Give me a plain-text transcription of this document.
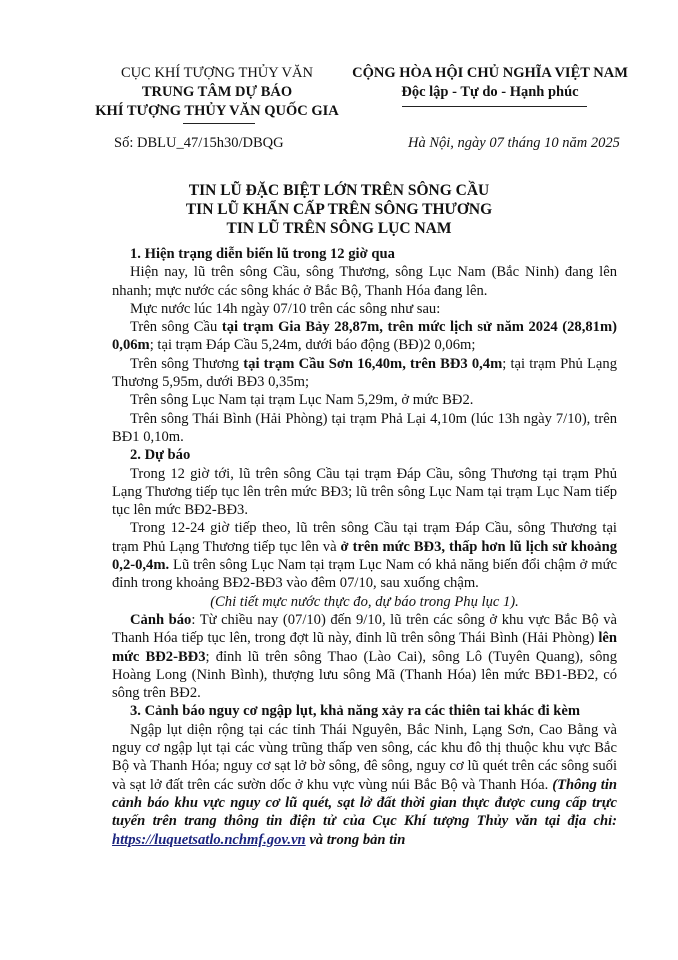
CỤC KHÍ TƯỢNG THỦY VĂN
TRUNG TÂM DỰ BÁO
KHÍ TƯỢNG THỦY VĂN QUỐC GIA
CỘNG HÒA HỘI CHỦ NGHĨA VIỆT NAM
Độc lập - Tự do - Hạnh phúc
Số: DBLU_47/15h30/DBQG	Hà Nội, ngày 07 tháng 10 năm 2025
TIN LŨ ĐẶC BIỆT LỚN TRÊN SÔNG CẦU
TIN LŨ KHẨN CẤP TRÊN SÔNG THƯƠNG
TIN LŨ TRÊN SÔNG LỤC NAM

1. Hiện trạng diễn biến lũ trong 12 giờ qua

Hiện nay, lũ trên sông Cầu, sông Thương, sông Lục Nam (Bắc Ninh) đang lên nhanh; mực nước các sông khác ở Bắc Bộ, Thanh Hóa đang lên.

Mực nước lúc 14h ngày 07/10 trên các sông như sau:

Trên sông Cầu tại trạm Gia Bảy 28,87m, trên mức lịch sử năm 2024 (28,81m) 0,06m; tại trạm Đáp Cầu 5,24m, dưới báo động (BĐ)2 0,06m;

Trên sông Thương tại trạm Cầu Sơn 16,40m, trên BĐ3 0,4m; tại trạm Phủ Lạng Thương 5,95m, dưới BĐ3 0,35m;

Trên sông Lục Nam tại trạm Lục Nam 5,29m, ở mức BĐ2.

Trên sông Thái Bình (Hải Phòng) tại trạm Phả Lại 4,10m (lúc 13h ngày 7/10), trên BĐ1 0,10m.

2. Dự báo

Trong 12 giờ tới, lũ trên sông Cầu tại trạm Đáp Cầu, sông Thương tại trạm Phủ Lạng Thương tiếp tục lên trên mức BĐ3; lũ trên sông Lục Nam tại trạm Lục Nam tiếp tục lên mức BĐ2-BĐ3.

Trong 12-24 giờ tiếp theo, lũ trên sông Cầu tại trạm Đáp Cầu, sông Thương tại trạm Phủ Lạng Thương tiếp tục lên và ở trên mức BĐ3, thấp hơn lũ lịch sử khoảng 0,2-0,4m. Lũ trên sông Lục Nam tại trạm Lục Nam có khả năng biến đổi chậm ở mức đỉnh trong khoảng BĐ2-BĐ3 vào đêm 07/10, sau xuống chậm.

(Chi tiết mực nước thực đo, dự báo trong Phụ lục 1).

Cảnh báo: Từ chiều nay (07/10) đến 9/10, lũ trên các sông ở khu vực Bắc Bộ và Thanh Hóa tiếp tục lên, trong đợt lũ này, đỉnh lũ trên sông Thái Bình (Hải Phòng) lên mức BĐ2-BĐ3; đỉnh lũ trên sông Thao (Lào Cai), sông Lô (Tuyên Quang), sông Hoàng Long (Ninh Bình), thượng lưu sông Mã (Thanh Hóa) lên mức BĐ1-BĐ2, có sông trên BĐ2.

3. Cảnh báo nguy cơ ngập lụt, khả năng xảy ra các thiên tai khác đi kèm

Ngập lụt diện rộng tại các tỉnh Thái Nguyên, Bắc Ninh, Lạng Sơn, Cao Bằng và nguy cơ ngập lụt tại các vùng trũng thấp ven sông, các khu đô thị thuộc khu vực Bắc Bộ và Thanh Hóa; nguy cơ sạt lở bờ sông, đê sông, nguy cơ lũ quét trên các sông suối và sạt lở đất trên các sườn dốc ở khu vực vùng núi Bắc Bộ và Thanh Hóa. (Thông tin cảnh báo khu vực nguy cơ lũ quét, sạt lở đất thời gian thực được cung cấp trực tuyến trên trang thông tin điện tử của Cục Khí tượng Thủy văn tại địa chỉ: https://luquetsatlo.nchmf.gov.vn và trong bản tin
